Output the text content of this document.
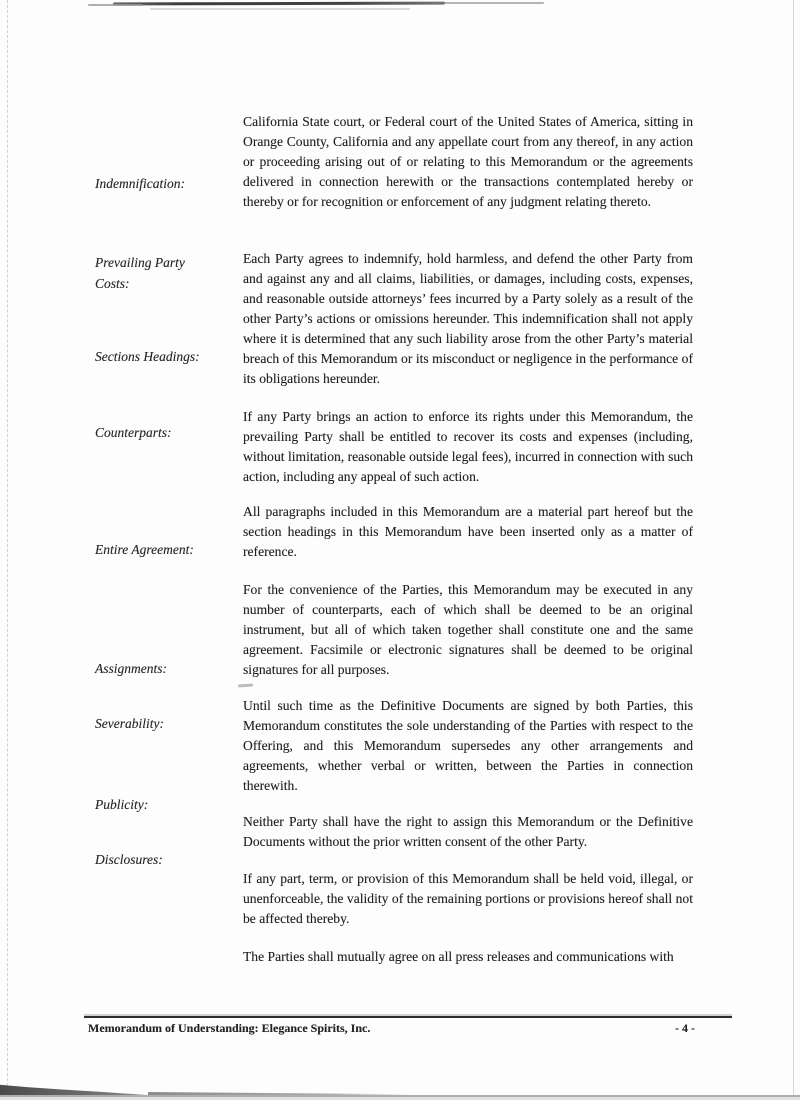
Indemnification:
Prevailing Party Costs:
Sections Headings:
Counterparts:
Entire Agreement:
Assignments:
Severability:
Publicity:
Disclosures:
California State court, or Federal court of the United States of America, sitting in Orange County, California and any appellate court from any thereof, in any action or proceeding arising out of or relating to this Memorandum or the agreements delivered in connection herewith or the transactions contemplated hereby or thereby or for recognition or enforcement of any judgment relating thereto.
Each Party agrees to indemnify, hold harmless, and defend the other Party from and against any and all claims, liabilities, or damages, including costs, expenses, and reasonable outside attorneys’ fees incurred by a Party solely as a result of the other Party’s actions or omissions hereunder. This indemnification shall not apply where it is determined that any such liability arose from the other Party’s material breach of this Memorandum or its misconduct or negligence in the performance of its obligations hereunder.
If any Party brings an action to enforce its rights under this Memorandum, the prevailing Party shall be entitled to recover its costs and expenses (including, without limitation, reasonable outside legal fees), incurred in connection with such action, including any appeal of such action.
All paragraphs included in this Memorandum are a material part hereof but the section headings in this Memorandum have been inserted only as a matter of reference.
For the convenience of the Parties, this Memorandum may be executed in any number of counterparts, each of which shall be deemed to be an original instrument, but all of which taken together shall constitute one and the same agreement. Facsimile or electronic signatures shall be deemed to be original signatures for all purposes.
Until such time as the Definitive Documents are signed by both Parties, this Memorandum constitutes the sole understanding of the Parties with respect to the Offering, and this Memorandum supersedes any other arrangements and agreements, whether verbal or written, between the Parties in connection therewith.
Neither Party shall have the right to assign this Memorandum or the Definitive Documents without the prior written consent of the other Party.
If any part, term, or provision of this Memorandum shall be held void, illegal, or unenforceable, the validity of the remaining portions or provisions hereof shall not be affected thereby.
The Parties shall mutually agree on all press releases and communications with
Memorandum of Understanding: Elegance Spirits, Inc.	- 4 -
